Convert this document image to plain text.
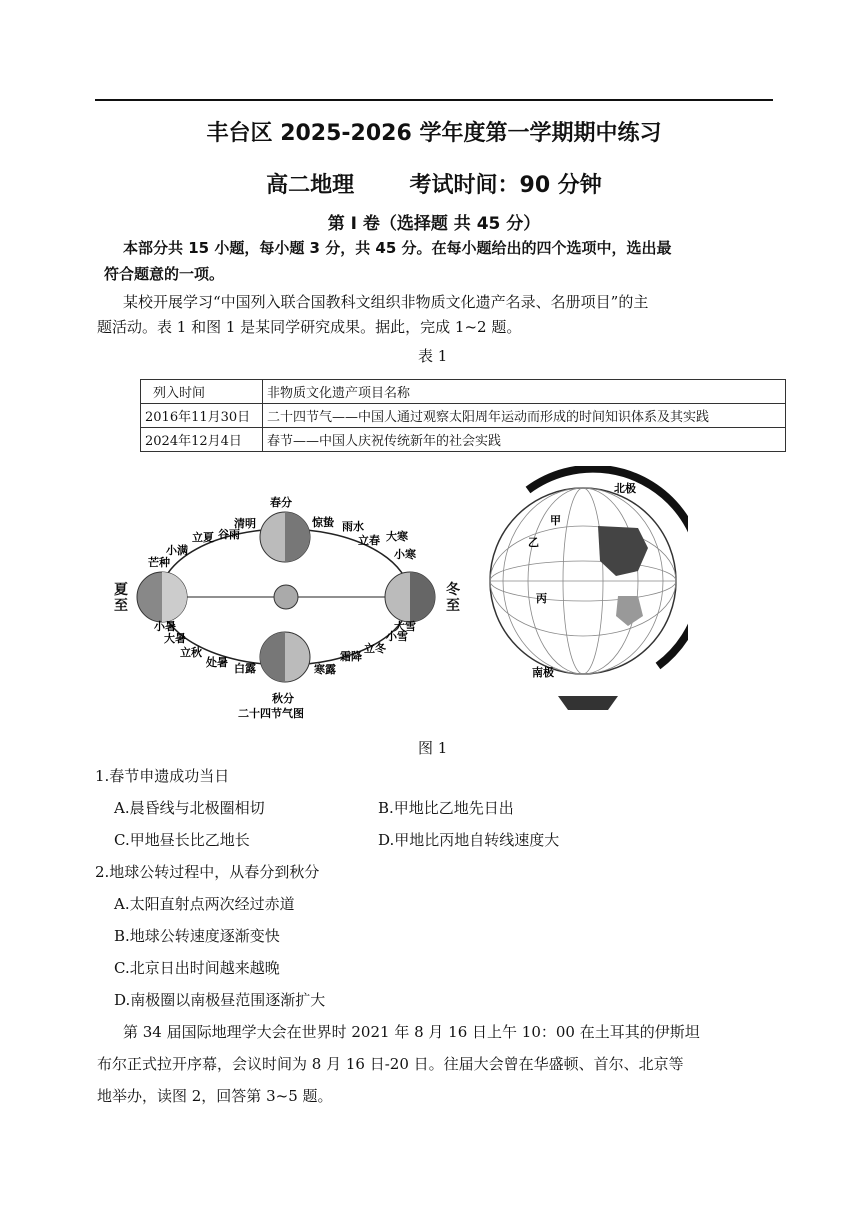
丰台区 2025-2026 学年度第一学期期中练习
高二地理	考试时间：90 分钟
第 I 卷（选择题 共 45 分）
本部分共 15 小题，每小题 3 分，共 45 分。在每小题给出的四个选项中，选出最
符合题意的一项。
某校开展学习“中国列入联合国教科文组织非物质文化遗产名录、名册项目”的主
题活动。表 1 和图 1 是某同学研究成果。据此，完成 1~2 题。
表 1
列入时间	非物质文化遗产项目名称
2016年11月30日	二十四节气——中国人通过观察太阳周年运动而形成的时间知识体系及其实践
2024年12月4日	春节——中国人庆祝传统新年的社会实践
春分
秋分
清明
谷雨
立夏
小满
芒种
惊蛰 雨水
立春 大寒
小寒
小暑
大暑
立秋
处暑 白露	寒露
霜降
立冬
小雪
大雪
二十四节气图
夏
至
冬
至
北极
南极
甲
乙
丙
图 1
1.春节申遗成功当日
A.晨昏线与北极圈相切	B.甲地比乙地先日出
C.甲地昼长比乙地长	D.甲地比丙地自转线速度大
2.地球公转过程中，从春分到秋分
A.太阳直射点两次经过赤道
B.地球公转速度逐渐变快
C.北京日出时间越来越晚
D.南极圈以南极昼范围逐渐扩大
第 34 届国际地理学大会在世界时 2021 年 8 月 16 日上午 10：00 在土耳其的伊斯坦
布尔正式拉开序幕，会议时间为 8 月 16 日-20 日。往届大会曾在华盛顿、首尔、北京等
地举办，读图 2，回答第 3~5 题。
